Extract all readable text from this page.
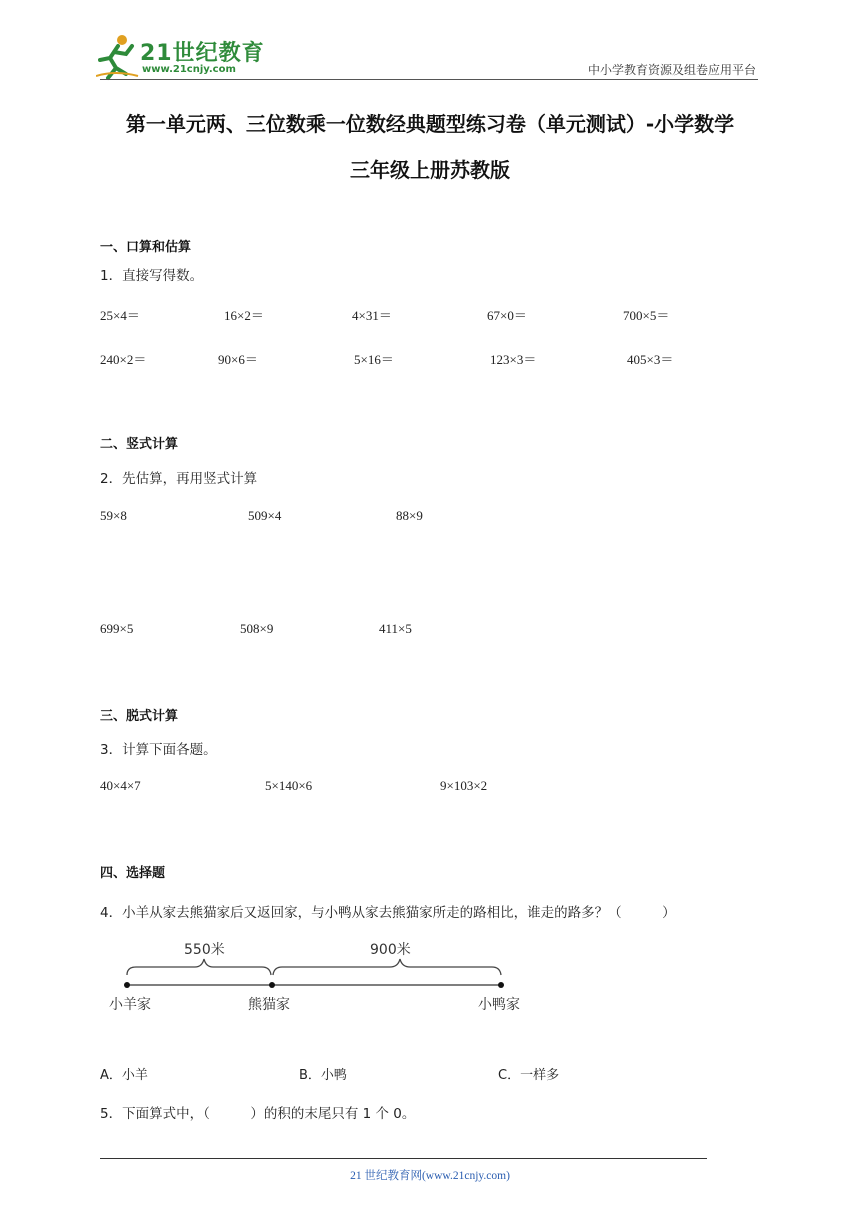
21世纪教育
www.21cnjy.com	中小学教育资源及组卷应用平台
第一单元两、三位数乘一位数经典题型练习卷（单元测试）-小学数学
三年级上册苏教版
一、口算和估算
1．直接写得数。
25×4＝	16×2＝	4×31＝	67×0＝	700×5＝
240×2＝	90×6＝	5×16＝	123×3＝	405×3＝
二、竖式计算
2．先估算，再用竖式计算
59×8	509×4	88×9
699×5	508×9	411×5
三、脱式计算
3．计算下面各题。
40×4×7	5×140×6	9×103×2
四、选择题
4．小羊从家去熊猫家后又返回家，与小鸭从家去熊猫家所走的路相比，谁走的路多？（　　　）
550米	900米
小羊家	熊猫家	小鸭家
A．小羊	B．小鸭	C．一样多
5．下面算式中，（　　　）的积的末尾只有 1 个 0。
21 世纪教育网(www.21cnjy.com)
